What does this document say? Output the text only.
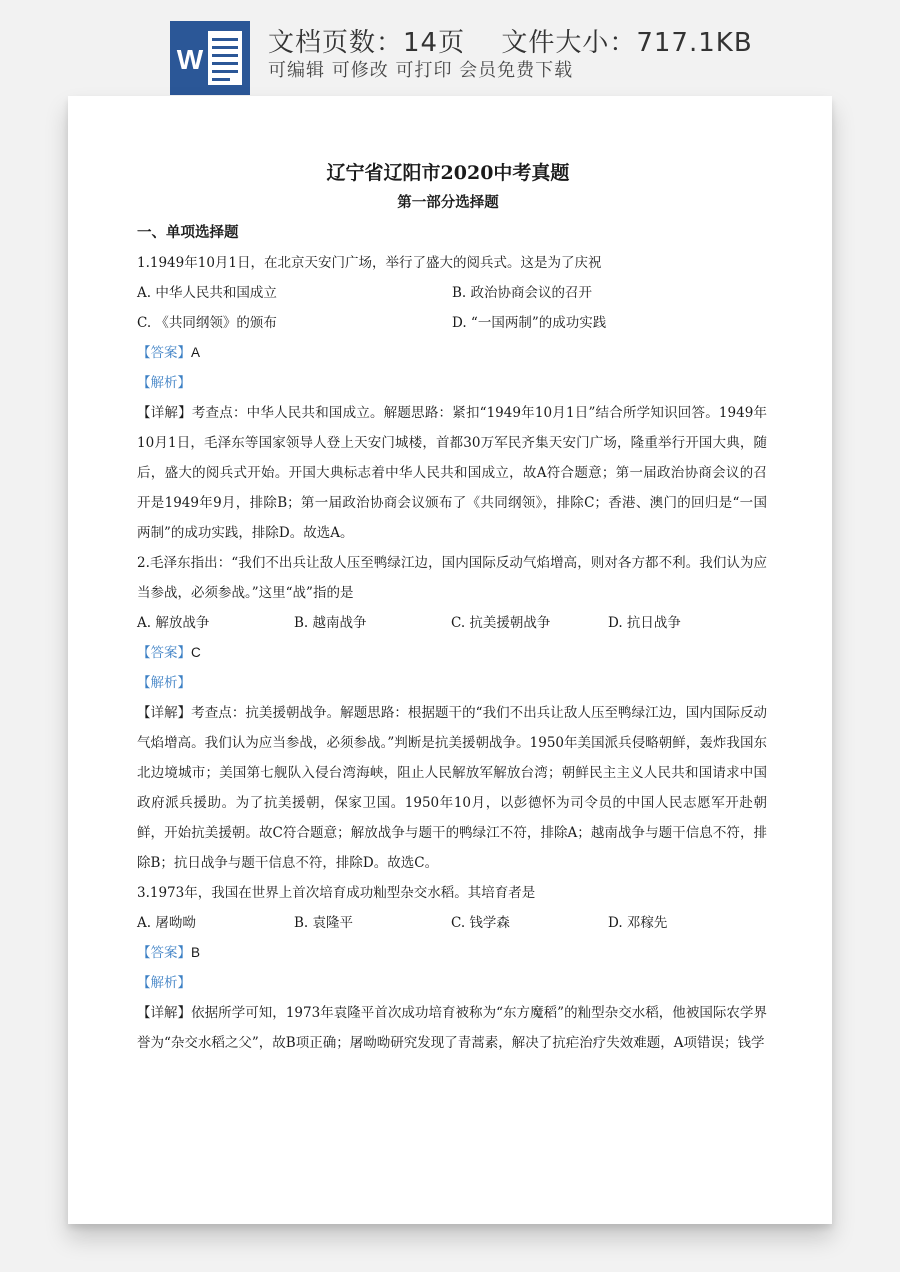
W
文档页数：14页　 文件大小：717.1KB
可编辑 可修改 可打印 会员免费下载
辽宁省辽阳市2020中考真题
第一部分选择题
一、单项选择题
1.1949年10月1日，在北京天安门广场，举行了盛大的阅兵式。这是为了庆祝
A. 中华人民共和国成立	B. 政治协商会议的召开
C. 《共同纲领》的颁布	D. “一国两制”的成功实践
【答案】A
【解析】
【详解】考查点：中华人民共和国成立。解题思路：紧扣“1949年10月1日”结合所学知识回答。1949年10月1日，毛泽东等国家领导人登上天安门城楼，首都30万军民齐集天安门广场，隆重举行开国大典，随后，盛大的阅兵式开始。开国大典标志着中华人民共和国成立，故A符合题意；第一届政治协商会议的召开是1949年9月，排除B；第一届政治协商会议颁布了《共同纲领》，排除C；香港、澳门的回归是“一国两制”的成功实践，排除D。故选A。
2.毛泽东指出：“我们不出兵让敌人压至鸭绿江边，国内国际反动气焰增高，则对各方都不利。我们认为应当参战，必须参战。”这里“战”指的是
A. 解放战争	B. 越南战争	C. 抗美援朝战争	D. 抗日战争
【答案】C
【解析】
【详解】考查点：抗美援朝战争。解题思路：根据题干的“我们不出兵让敌人压至鸭绿江边，国内国际反动气焰增高。我们认为应当参战，必须参战。”判断是抗美援朝战争。1950年美国派兵侵略朝鲜，轰炸我国东北边境城市；美国第七舰队入侵台湾海峡，阻止人民解放军解放台湾；朝鲜民主主义人民共和国请求中国政府派兵援助。为了抗美援朝，保家卫国。1950年10月，以彭德怀为司令员的中国人民志愿军开赴朝鲜，开始抗美援朝。故C符合题意；解放战争与题干的鸭绿江不符，排除A；越南战争与题干信息不符，排除B；抗日战争与题干信息不符，排除D。故选C。
3.1973年，我国在世界上首次培育成功籼型杂交水稻。其培育者是
A. 屠呦呦	B. 袁隆平	C. 钱学森	D. 邓稼先
【答案】B
【解析】
【详解】依据所学可知，1973年袁隆平首次成功培育被称为“东方魔稻”的籼型杂交水稻，他被国际农学界誉为“杂交水稻之父”，故B项正确；屠呦呦研究发现了青蒿素，解决了抗疟治疗失效难题，A项错误；钱学
